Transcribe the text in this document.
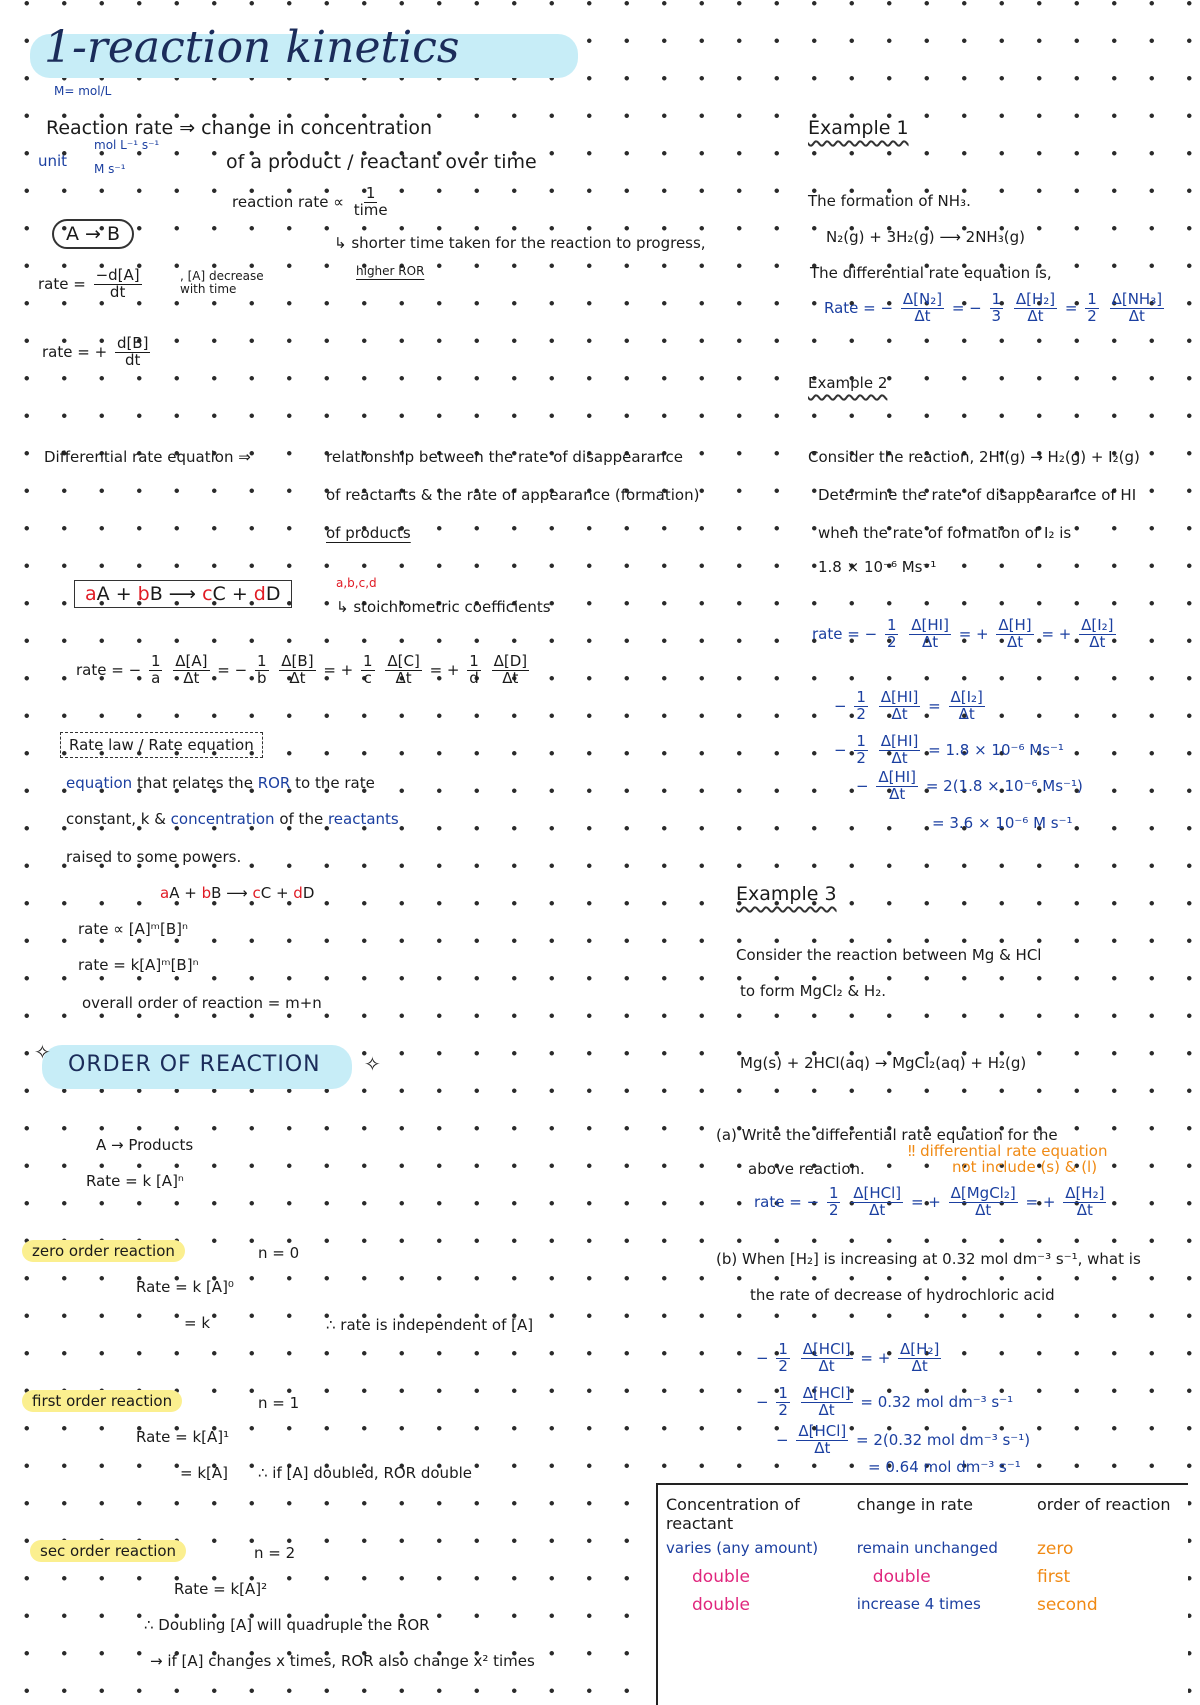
1-reaction kinetics
M= mol/L
Reaction rate ⇒ change in concentration
of a product / reactant over time
unit
mol L⁻¹ s⁻¹
M s⁻¹
reaction rate ∝ $\frac{1}{\text{time}}$
↳ shorter time taken for the reaction to progress,
higher ROR
A → B
rate = $\frac{-d[A]}{dt}$	, [A] decrease
with time
rate = + $\frac{d[B]}{dt}$
Differential rate equation ⇒	relationship between the rate of disappearance
of reactants & the rate of appearance (formation)
of products
aA + bB ⟶ cC + dD	a,b,c,d
↳ stoichiometric coefficients
rate = − $\frac{1}{a}$
$\frac{\Delta[A]}{\Delta t}$ = − $\frac{1}{b}$
$\frac{\Delta[B]}{\Delta t}$ = + $\frac{1}{c}$
$\frac{\Delta[C]}{\Delta t}$ = + $\frac{1}{d}$
$\frac{\Delta[D]}{\Delta t}$
Rate law / Rate equation
equation that relates the ROR to the rate
constant, k & concentration of the reactants
raised to some powers.
aA + bB ⟶ cC + dD
rate ∝ [A]ᵐ[B]ⁿ
rate = k[A]ᵐ[B]ⁿ
overall order of reaction = m+n
✧ ORDER OF REACTION ✧
A → Products
Rate = k [A]ⁿ
zero order reaction	n = 0
Rate = k [A]⁰
= k	∴ rate is independent of [A]
first order reaction	n = 1
Rate = k[A]¹
= k[A] ∴ if [A] doubled, ROR double
sec order reaction	n = 2
Rate = k[A]²
∴ Doubling [A] will quadruple the ROR
→ if [A] changes x times, ROR also change x² times
Example 1
The formation of NH₃.
N₂(g) + 3H₂(g) ⟶ 2NH₃(g)
The differential rate equation is,
Rate = − $\frac{\text{Δ[N₂]}}{\Delta t}$ = − $\frac{1}{3}$
$\frac{\text{Δ[H₂]}}{\Delta t} = \frac{1}{2}$
$\frac{\text{Δ[NH₃]}}{\Delta t}$
Example 2
Consider the reaction, 2HI(g) → H₂(g) + I₂(g)
Determine the rate of disappearance of HI
when the rate of formation of I₂ is
1.8 × 10⁻⁶ Ms⁻¹
rate = − $\frac{1}{2}$
$\frac{\Delta[HI]}{\Delta t}$ = + $\frac{\Delta[H]}{\Delta t}$ = + $\frac{\text{Δ[I₂]}}{\Delta t}$
− $\frac{1}{2}$
$\frac{\Delta[HI]}{\Delta t} = \frac{\text{Δ[I₂]}}{\Delta t}$
− $\frac{1}{2}$
$\frac{\Delta[HI]}{\Delta t} = 1.8 \times 10^{-6}$ Ms⁻¹
− $\frac{\Delta[HI]}{\Delta t} = 2(1.8 \times 10^{-6}$ Ms⁻¹)
= 3.6 × 10⁻⁶ M s⁻¹
Example 3
Consider the reaction between Mg & HCl
to form MgCl₂ & H₂.
Mg(s) + 2HCl(aq) → MgCl₂(aq) + H₂(g)
(a) Write the differential rate equation for the
above reaction.
‼ differential rate equation
not include (s) & (l)
rate = − $\frac{1}{2}$
$\frac{\text{Δ[HCl]}}{\Delta t}$ = + $\frac{\text{Δ[MgCl₂]}}{\Delta t}$ = + $\frac{\text{Δ[H₂]}}{\Delta t}$
(b) When [H₂] is increasing at 0.32 mol dm⁻³ s⁻¹, what is
the rate of decrease of hydrochloric acid
− $\frac{1}{2}$
$\frac{\text{Δ[HCl]}}{\Delta t}$ = + $\frac{\text{Δ[H₂]}}{\Delta t}$
− $\frac{1}{2}$
$\frac{\text{Δ[HCl]}}{\Delta t} = 0.32$ mol dm⁻³ s⁻¹
− $\frac{\text{Δ[HCl]}}{\Delta t} = 2(0.32$ mol dm⁻³ s⁻¹)
= 0.64 mol dm⁻³ s⁻¹
Concentration of reactant	change in rate	order of reaction
varies (any amount)	remain unchanged	zero
double	double	first
double	increase 4 times	second
